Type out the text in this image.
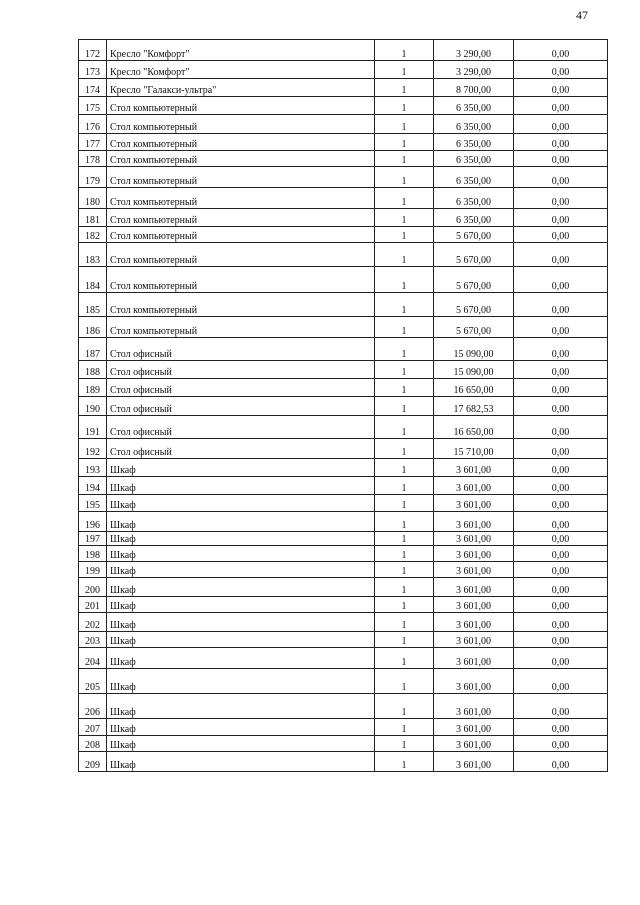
47
172	Кресло "Комфорт"	1	3 290,00	0,00
173	Кресло "Комфорт"	1	3 290,00	0,00
174	Кресло "Галакси-ультра"	1	8 700,00	0,00
175	Стол компьютерный	1	6 350,00	0,00
176	Стол компьютерный	1	6 350,00	0,00
177	Стол компьютерный	1	6 350,00	0,00
178	Стол компьютерный	1	6 350,00	0,00
179	Стол компьютерный	1	6 350,00	0,00
180	Стол компьютерный	1	6 350,00	0,00
181	Стол компьютерный	1	6 350,00	0,00
182	Стол компьютерный	1	5 670,00	0,00
183	Стол компьютерный	1	5 670,00	0,00
184	Стол компьютерный	1	5 670,00	0,00
185	Стол компьютерный	1	5 670,00	0,00
186	Стол компьютерный	1	5 670,00	0,00
187	Стол офисный	1	15 090,00	0,00
188	Стол офисный	1	15 090,00	0,00
189	Стол офисный	1	16 650,00	0,00
190	Стол офисный	1	17 682,53	0,00
191	Стол офисный	1	16 650,00	0,00
192	Стол офисный	1	15 710,00	0,00
193	Шкаф	1	3 601,00	0,00
194	Шкаф	1	3 601,00	0,00
195	Шкаф	1	3 601,00	0,00
196	Шкаф	1	3 601,00	0,00
197	Шкаф	1	3 601,00	0,00
198	Шкаф	1	3 601,00	0,00
199	Шкаф	1	3 601,00	0,00
200	Шкаф	1	3 601,00	0,00
201	Шкаф	1	3 601,00	0,00
202	Шкаф	1	3 601,00	0,00
203	Шкаф	1	3 601,00	0,00
204	Шкаф	1	3 601,00	0,00
205	Шкаф	1	3 601,00	0,00
206	Шкаф	1	3 601,00	0,00
207	Шкаф	1	3 601,00	0,00
208	Шкаф	1	3 601,00	0,00
209	Шкаф	1	3 601,00	0,00
